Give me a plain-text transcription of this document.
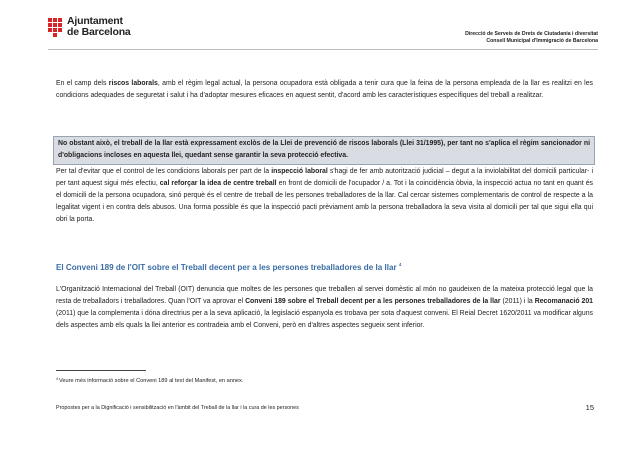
Ajuntament
de Barcelona	Direcció de Serveis de Drets de Ciutadania i diversitat
Consell Municipal d'Immigració de Barcelona

En el camp dels riscos laborals, amb el règim legal actual, la persona ocupadora està obligada a tenir cura que la feina de la persona empleada de la llar es realitzi en les condicions adequades de seguretat i salut i ha d'adoptar mesures eficaces en aquest sentit, d'acord amb les característiques específiques del treball a realitzar.

No obstant això, el treball de la llar està expressament exclòs de la Llei de prevenció de riscos laborals (Llei 31/1995), per tant no s'aplica el règim sancionador ni d'obligacions incloses en aquesta llei, quedant sense garantir la seva protecció efectiva.

Per tal d'evitar que el control de les condicions laborals per part de la inspecció laboral s'hagi de fer amb autorització judicial – degut a la inviolabilitat del domicili particular- i per tant aquest sigui més efectiu, cal reforçar la idea de centre treball en front de domicili de l'ocupador / a. Tot i la coincidència òbvia, la inspecció actua no tant en quant és el domicili de la persona ocupadora, sinó perquè és el centre de treball de les persones treballadores de la llar. Cal cercar sistemes complementaris de control de respecte a la legalitat vigent i en contra dels abusos. Una forma possible és que la inspecció pacti prèviament amb la persona treballadora la seva visita al domicili per tal que sigui ella qui obri la porta.

El Conveni 189 de l'OIT sobre el Treball decent per a les persones treballadores de la llar $^4$

L'Organització Internacional del Treball (OIT) denuncia que moltes de les persones que treballen al servei domèstic al món no gaudeixen de la mateixa protecció legal que la resta de treballadors i treballadores. Quan l'OIT va aprovar el Conveni 189 sobre el Treball decent per a les persones treballadores de la llar (2011) i la Recomanació 201 (2011) que la complementa i dóna directrius per a la seva aplicació, la legislació espanyola es trobava per sota d'aquest conveni. El Reial Decret 1620/2011 va modificar alguns dels aspectes amb els quals la llei anterior es contradeia amb el Conveni, però en d'altres aspectes segueix sent inferior.

$^4$Veure més informació sobre el Conveni 189 al text del Manifest, en annex.

Propostes per a la Dignificació i sensibilització en l'àmbit del Treball de la llar i la cura de les persones	15
